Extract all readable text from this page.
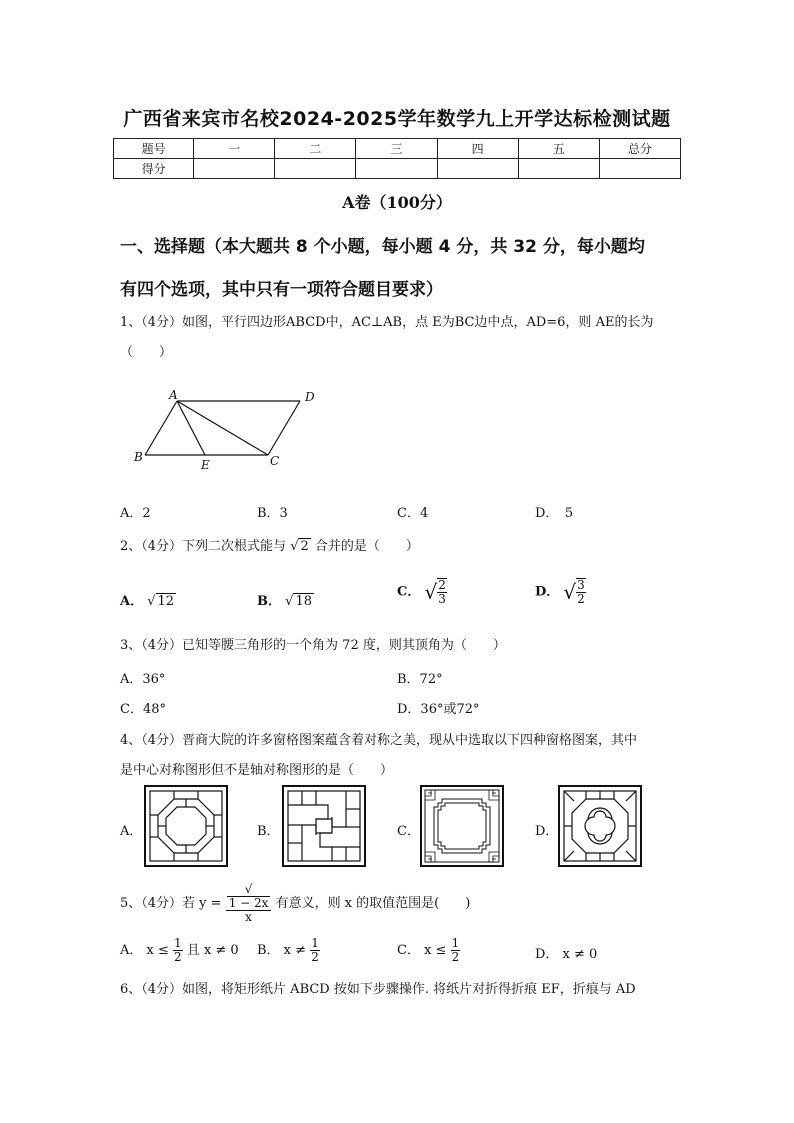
广西省来宾市名校2024-2025学年数学九上开学达标检测试题
题号	一	二	三	四	五	总分
得分						
A卷（100分）
一、选择题（本大题共 8 个小题，每小题 4 分，共 32 分，每小题均
有四个选项，其中只有一项符合题目要求）
1、（4分）如图，平行四边形ABCD中，AC⊥AB，点 E为BC边中点，AD=6，则 AE的长为
（　　）
A	D
B	C
E
A．2	B．3	C．4	D．　5
2、（4分）下列二次根式能与 √ 2 合并的是（　　）
A． √ 12	B． √ 18
C． √ $\frac{2}{3}$	D． √ $\frac{3}{2}$
3、（4分）已知等腰三角形的一个角为 72 度，则其顶角为（　　）
A．36°	B．72°
C．48°	D．36°或72°
4、（4分）晋商大院的许多窗格图案蕴含着对称之美，现从中选取以下四种窗格图案，其中
是中心对称图形但不是轴对称图形的是（　　）
A．	B．	C．	D．
5、（4分）若 y = √
1 − 2x
x 有意义，则 x 的取值范围是(　　)
A． $x \le \frac{1}{2}$ 且 x ≠ 0 B． $x \ne \frac{1}{2}$	C． $x \le \frac{1}{2}$	D． x ≠ 0
6、（4分）如图，将矩形纸片 ABCD 按如下步骤操作. 将纸片对折得折痕 EF，折痕与 AD
